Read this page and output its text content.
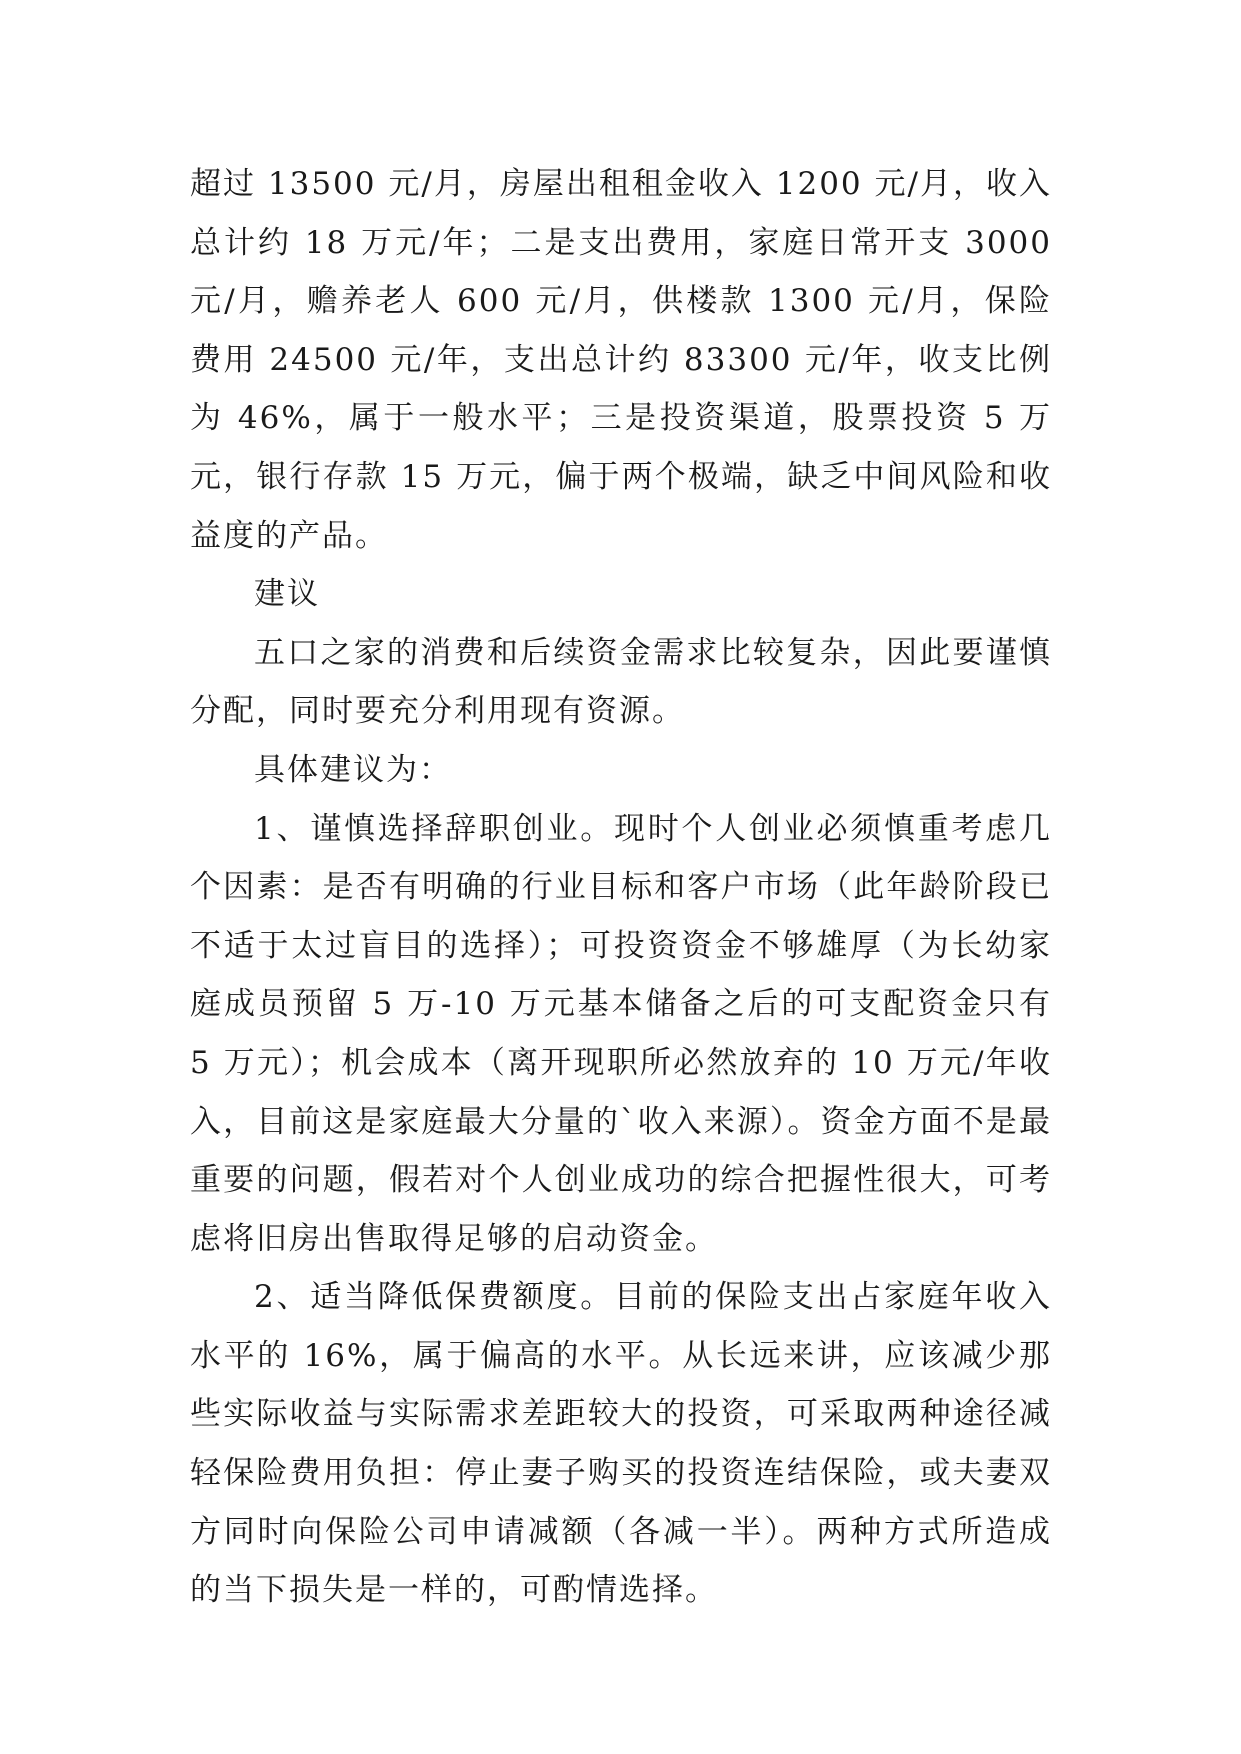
超过 13500 元/月，房屋出租租金收入 1200 元/月，收入总计约 18 万元/年；二是支出费用，家庭日常开支 3000 元/月，赡养老人 600 元/月，供楼款 1300 元/月，保险费用 24500 元/年，支出总计约 83300 元/年，收支比例为 46%，属于一般水平；三是投资渠道，股票投资 5 万元，银行存款 15 万元，偏于两个极端，缺乏中间风险和收益度的产品。

建议

五口之家的消费和后续资金需求比较复杂，因此要谨慎分配，同时要充分利用现有资源。

具体建议为：

1、谨慎选择辞职创业。现时个人创业必须慎重考虑几个因素：是否有明确的行业目标和客户市场（此年龄阶段已不适于太过盲目的选择）；可投资资金不够雄厚（为长幼家庭成员预留 5 万-10 万元基本储备之后的可支配资金只有 5 万元）；机会成本（离开现职所必然放弃的 10 万元/年收入，目前这是家庭最大分量的`收入来源）。资金方面不是最重要的问题，假若对个人创业成功的综合把握性很大，可考虑将旧房出售取得足够的启动资金。

2、适当降低保费额度。目前的保险支出占家庭年收入水平的 16%，属于偏高的水平。从长远来讲，应该减少那些实际收益与实际需求差距较大的投资，可采取两种途径减轻保险费用负担：停止妻子购买的投资连结保险，或夫妻双方同时向保险公司申请减额（各减一半）。两种方式所造成的当下损失是一样的，可酌情选择。
